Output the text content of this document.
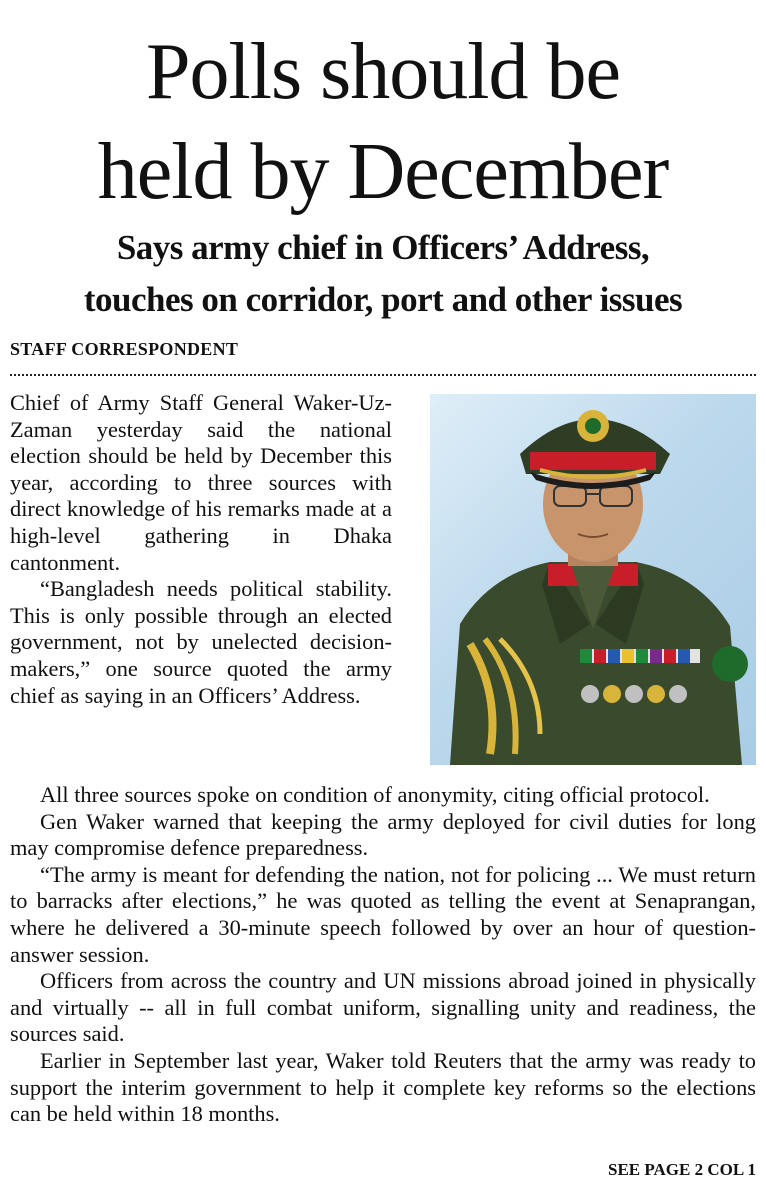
Polls should be
held by December
Says army chief in Officers’ Address,
touches on corridor, port and other issues
STAFF CORRESPONDENT

Chief of Army Staff General Waker-Uz-Zaman yesterday said the national election should be held by December this year, according to three sources with direct knowledge of his remarks made at a high-level gathering in Dhaka cantonment.

“Bangladesh needs political stability. This is only possible through an elected government, not by unelected decision-makers,” one source quoted the army chief as saying in an Officers’ Address.

All three sources spoke on condition of anonymity, citing official protocol.

Gen Waker warned that keeping the army deployed for civil duties for long may compromise defence preparedness.

“The army is meant for defending the nation, not for policing ... We must return to barracks after elections,” he was quoted as telling the event at Senaprangan, where he delivered a 30-minute speech followed by over an hour of question-answer session.

Officers from across the country and UN missions abroad joined in physically and virtually -- all in full combat uniform, signalling unity and readiness, the sources said.

Earlier in September last year, Waker told Reuters that the army was ready to support the interim government to help it complete key reforms so the elections can be held within 18 months.

SEE PAGE 2 COL 1
